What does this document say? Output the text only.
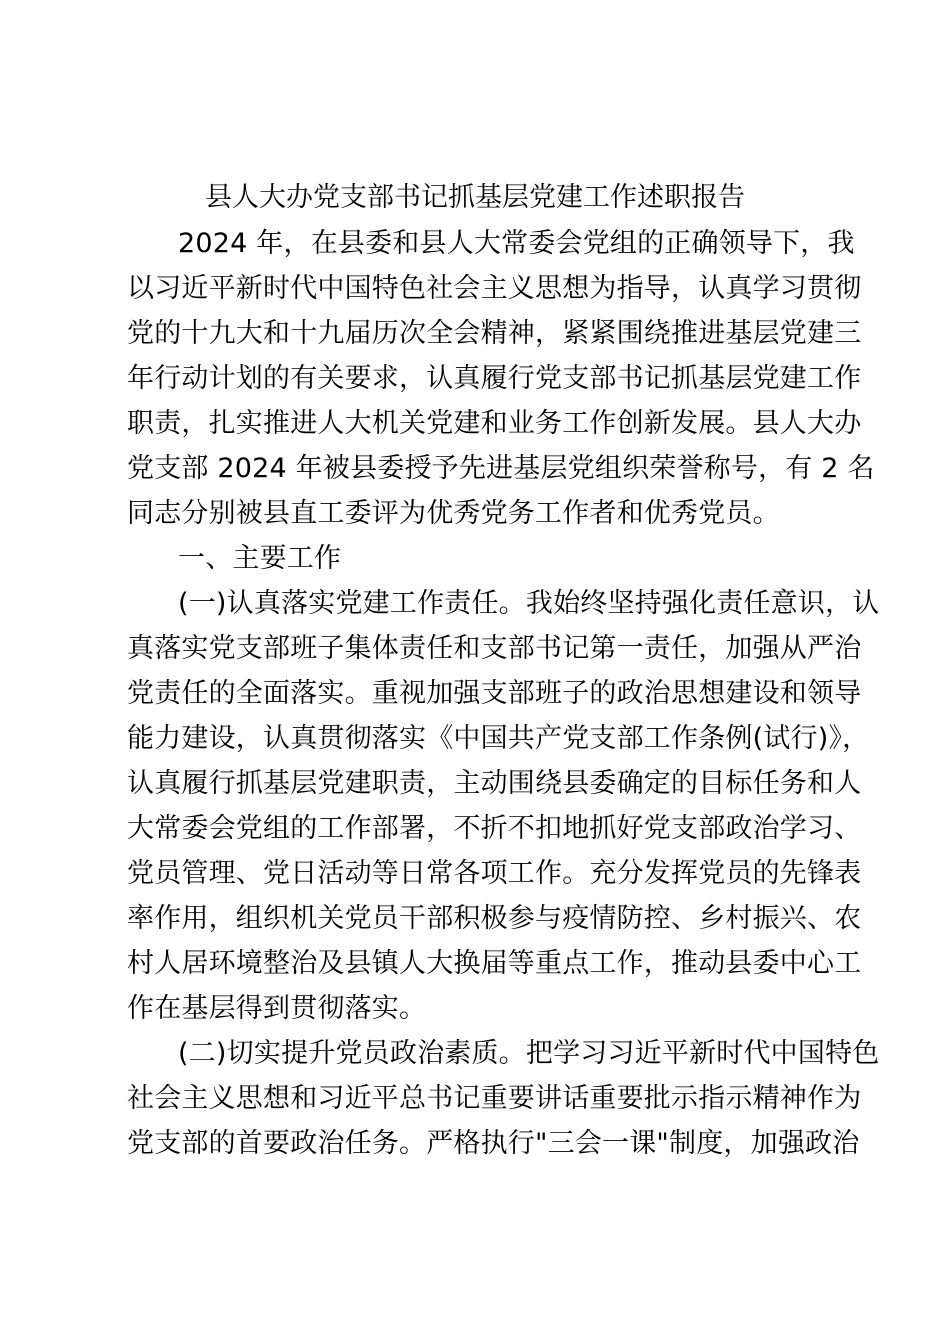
县人大办党支部书记抓基层党建工作述职报告
2024 年，在县委和县人大常委会党组的正确领导下，我
以习近平新时代中国特色社会主义思想为指导，认真学习贯彻
党的十九大和十九届历次全会精神，紧紧围绕推进基层党建三
年行动计划的有关要求，认真履行党支部书记抓基层党建工作
职责，扎实推进人大机关党建和业务工作创新发展。县人大办
党支部 2024 年被县委授予先进基层党组织荣誉称号，有 2 名
同志分别被县直工委评为优秀党务工作者和优秀党员。
一、主要工作
(一)认真落实党建工作责任。我始终坚持强化责任意识，认
真落实党支部班子集体责任和支部书记第一责任，加强从严治
党责任的全面落实。重视加强支部班子的政治思想建设和领导
能力建设，认真贯彻落实《中国共产党支部工作条例(试行)》，
认真履行抓基层党建职责，主动围绕县委确定的目标任务和人
大常委会党组的工作部署，不折不扣地抓好党支部政治学习、
党员管理、党日活动等日常各项工作。充分发挥党员的先锋表
率作用，组织机关党员干部积极参与疫情防控、乡村振兴、农
村人居环境整治及县镇人大换届等重点工作，推动县委中心工
作在基层得到贯彻落实。
(二)切实提升党员政治素质。把学习习近平新时代中国特色
社会主义思想和习近平总书记重要讲话重要批示指示精神作为
党支部的首要政治任务。严格执行"三会一课"制度，加强政治
